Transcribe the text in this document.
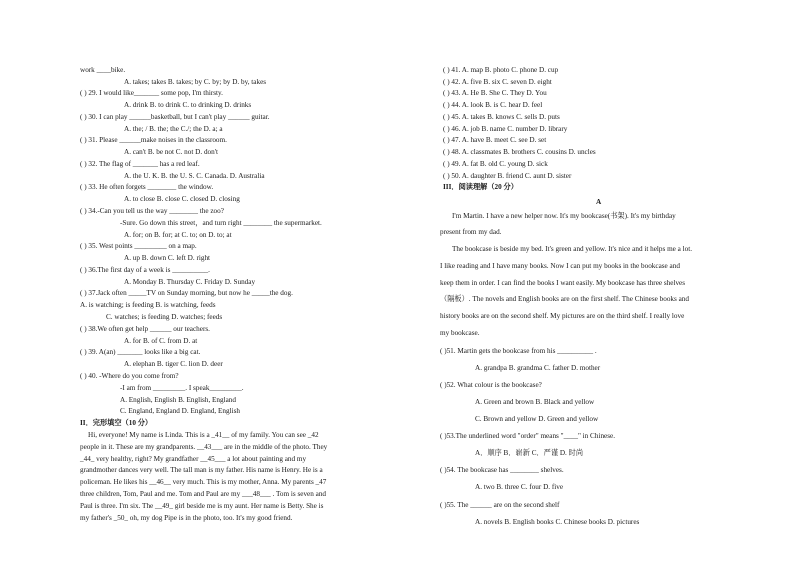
work ____bike.
A. takes; takes B. takes; by C. by; by D. by, takes
( ) 29. I would like_______ some pop, I'm thirsty.
A. drink B. to drink C. to drinking D. drinks
( ) 30. I can play ______basketball, but I can't play ______ guitar.
A. the; / B. the; the C./; the D. a; a
( ) 31. Please ______make noises in the classroom.
A. can't B. be not C. not D. don't
( ) 32. The flag of _______ has a red leaf.
A. the U. K. B. the U. S. C. Canada. D. Australia
( ) 33. He often forgets ________ the window.
A. to close B. close C. closed D. closing
( ) 34.-Can you tell us the way ________ the zoo?
-Sure. Go down this street，and turn right ________ the supermarket.
A. for; on B. for; at C. to; on D. to; at
( ) 35. West points _________ on a map.
A. up B. down C. left D. right
( ) 36.The first day of a week is __________.
A. Monday B. Thursday C. Friday D. Sunday
( ) 37.Jack often _____TV on Sunday morning, but now he _____the dog.
A. is watching; is feeding B. is watching, feeds
C. watches; is feeding D. watches; feeds
( ) 38.We often get help ______ our teachers.
A. for B. of C. from D. at
( ) 39. A(an) _______ looks like a big cat.
A. elephan B. tiger C. lion D. deer
( ) 40. -Where do you come from?
-I am from _________. I speak_________.
A. English, English B. English, England
C. England, England D. England, English
II．完形填空（10 分）
Hi, everyone! My name is Linda. This is a _41__ of my family. You can see _42
people in it. These are my grandparents. __43___ are in the middle of the photo. They
_44_ very healthy, right? My grandfather __45___ a lot about painting and my
grandmother dances very well. The tall man is my father. His name is Henry. He is a
policeman. He likes his __46__ very much. This is my mother, Anna. My parents _47
three children, Tom, Paul and me. Tom and Paul are my ___48___ . Tom is seven and
Paul is three. I'm six. The __49_ girl beside me is my aunt. Her name is Betty. She is
my father's _50_ oh, my dog Pipe is in the photo, too. It's my good friend.
( ) 41. A. map B. photo C. phone D. cup
( ) 42. A. five B. six C. seven D. eight
( ) 43. A. He B. She C. They D. You
( ) 44. A. look B. is C. hear D. feel
( ) 45. A. takes B. knows C. sells D. puts
( ) 46. A. job B. name C. number D. library
( ) 47. A. have B. meet C. see D. set
( ) 48. A. classmates B. brothers C. cousins D. uncles
( ) 49. A. fat B. old C. young D. sick
( ) 50. A. daughter B. friend C. aunt D. sister
III．阅读理解（20 分）
A
I'm Martin. I have a new helper now. It's my bookcase(书架). It's my birthday
present from my dad.
The bookcase is beside my bed. It's green and yellow. It's nice and it helps me a lot.
I like reading and I have many books. Now I can put my books in the bookcase and
keep them in order. I can find the books I want easily. My bookcase has three shelves
（隔板）. The novels and English books are on the first shelf. The Chinese books and
history books are on the second shelf. My pictures are on the third shelf. I really love
my bookcase.
( )51. Martin gets the bookcase from his __________ .
A. grandpa B. grandma C. father D. mother
( )52. What colour is the bookcase?
A. Green and brown B. Black and yellow
C. Brown and yellow D. Green and yellow
( )53.The underlined word "order" means "____" in Chinese.
A．顺序 B．崭新 C．严谨 D. 时尚
( )54. The bookcase has ________ shelves.
A. two B. three C. four D. five
( )55. The ______ are on the second shelf
A. novels B. English books C. Chinese books D. pictures
